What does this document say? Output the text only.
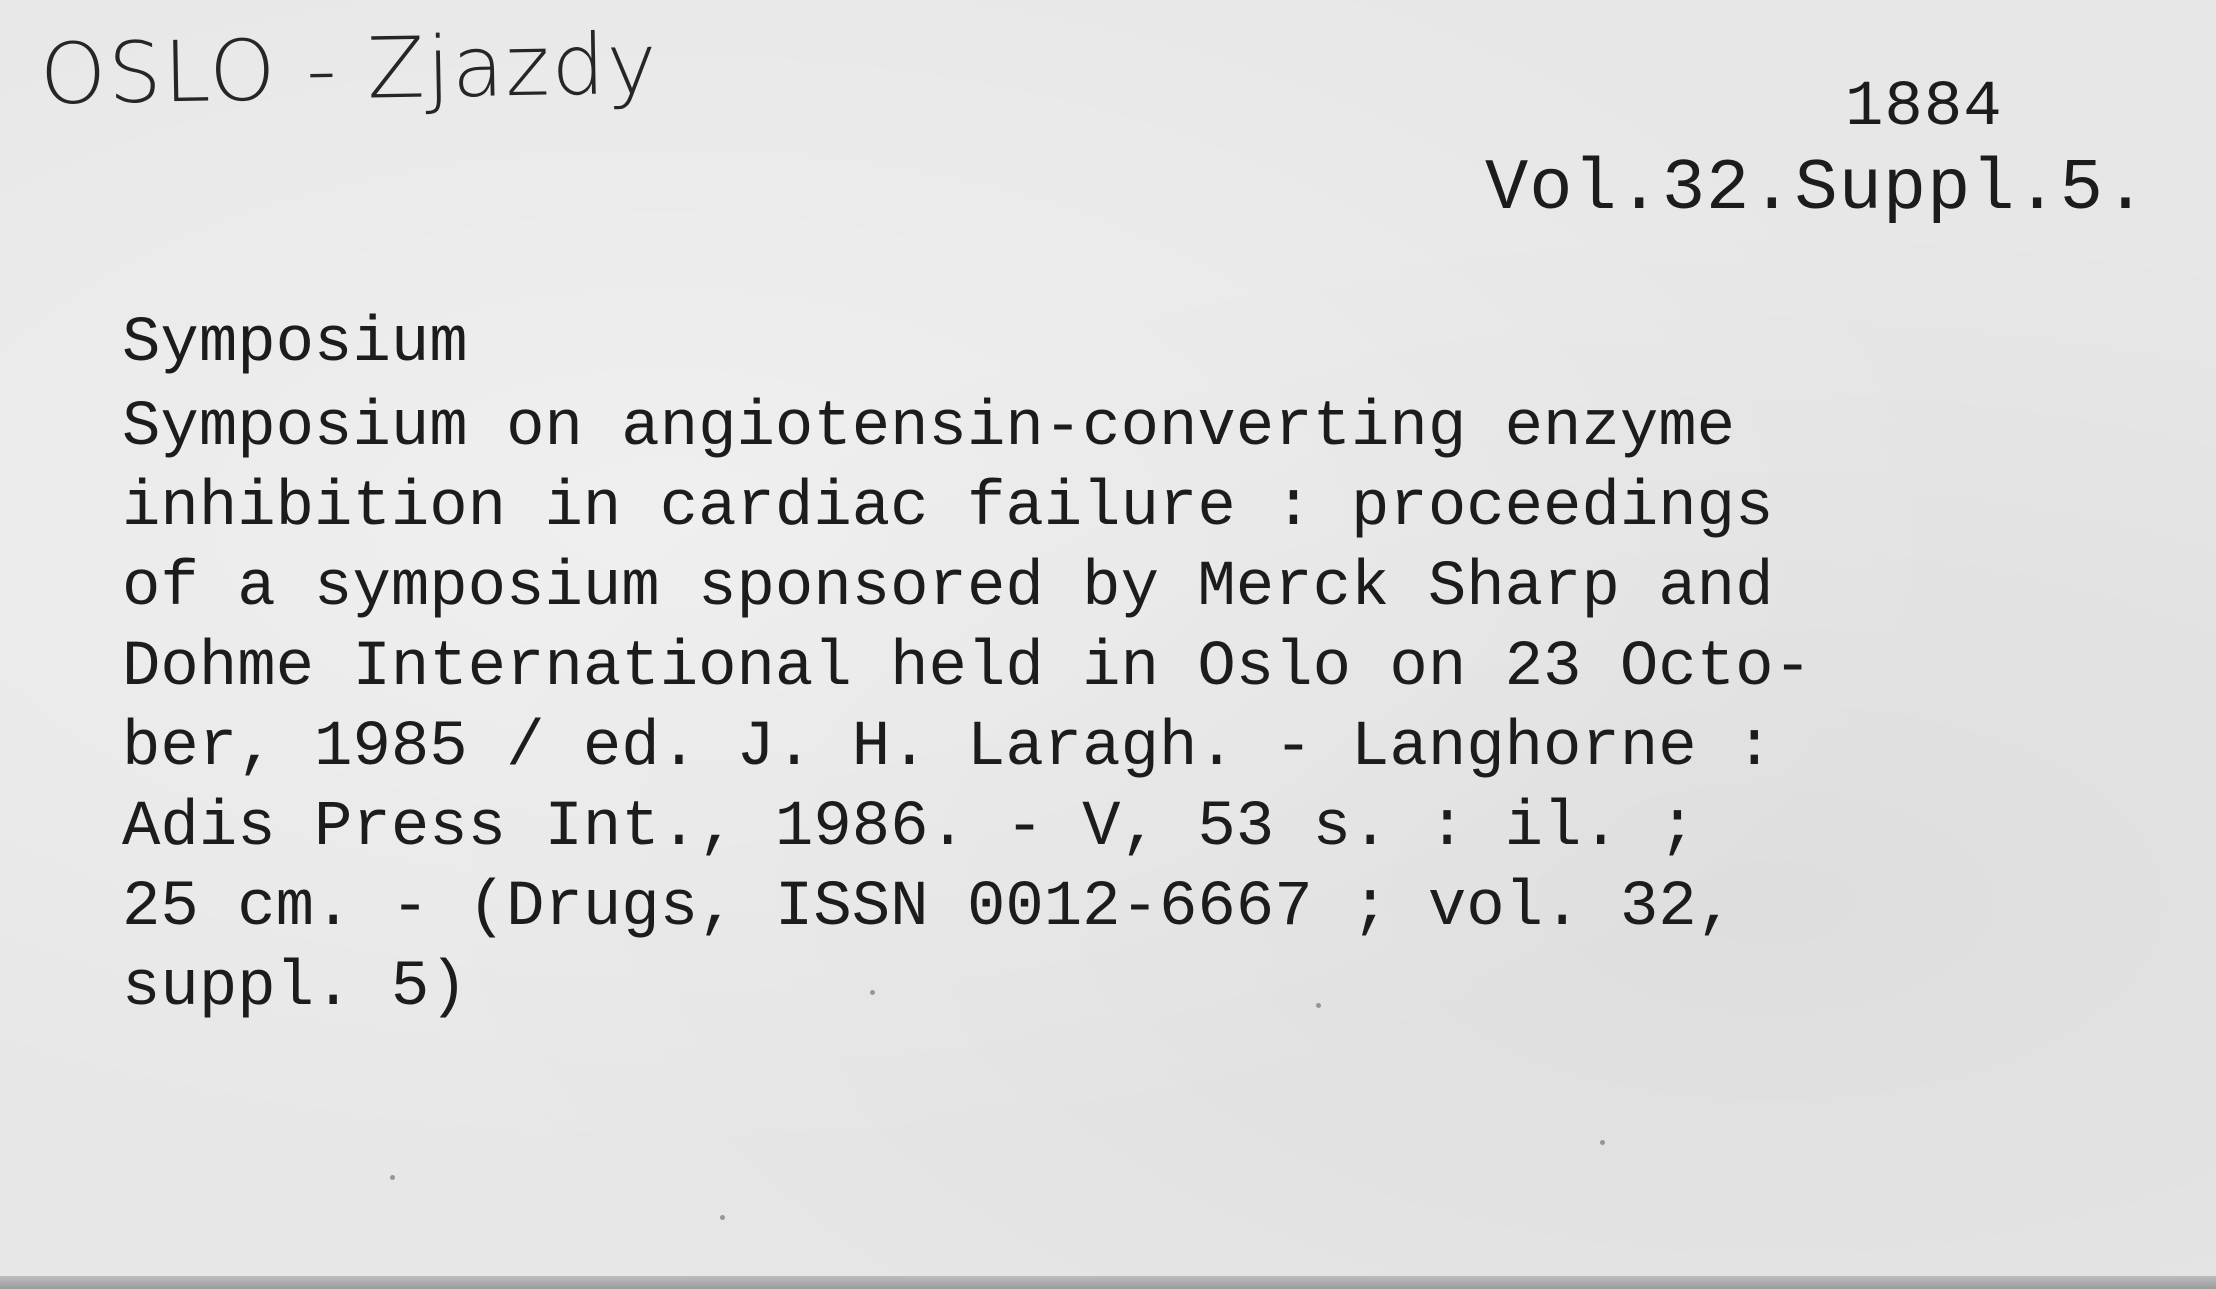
OSLO - Zjazdy	1884
Vol.32.Suppl.5.
Symposium
Symposium on angiotensin-converting enzyme
inhibition in cardiac failure : proceedings
of a symposium sponsored by Merck Sharp and
Dohme International held in Oslo on 23 Octo-
ber, 1985 / ed. J. H. Laragh. - Langhorne :
Adis Press Int., 1986. - V, 53 s. : il. ;
25 cm. - (Drugs, ISSN 0012-6667 ; vol. 32,
suppl. 5)
